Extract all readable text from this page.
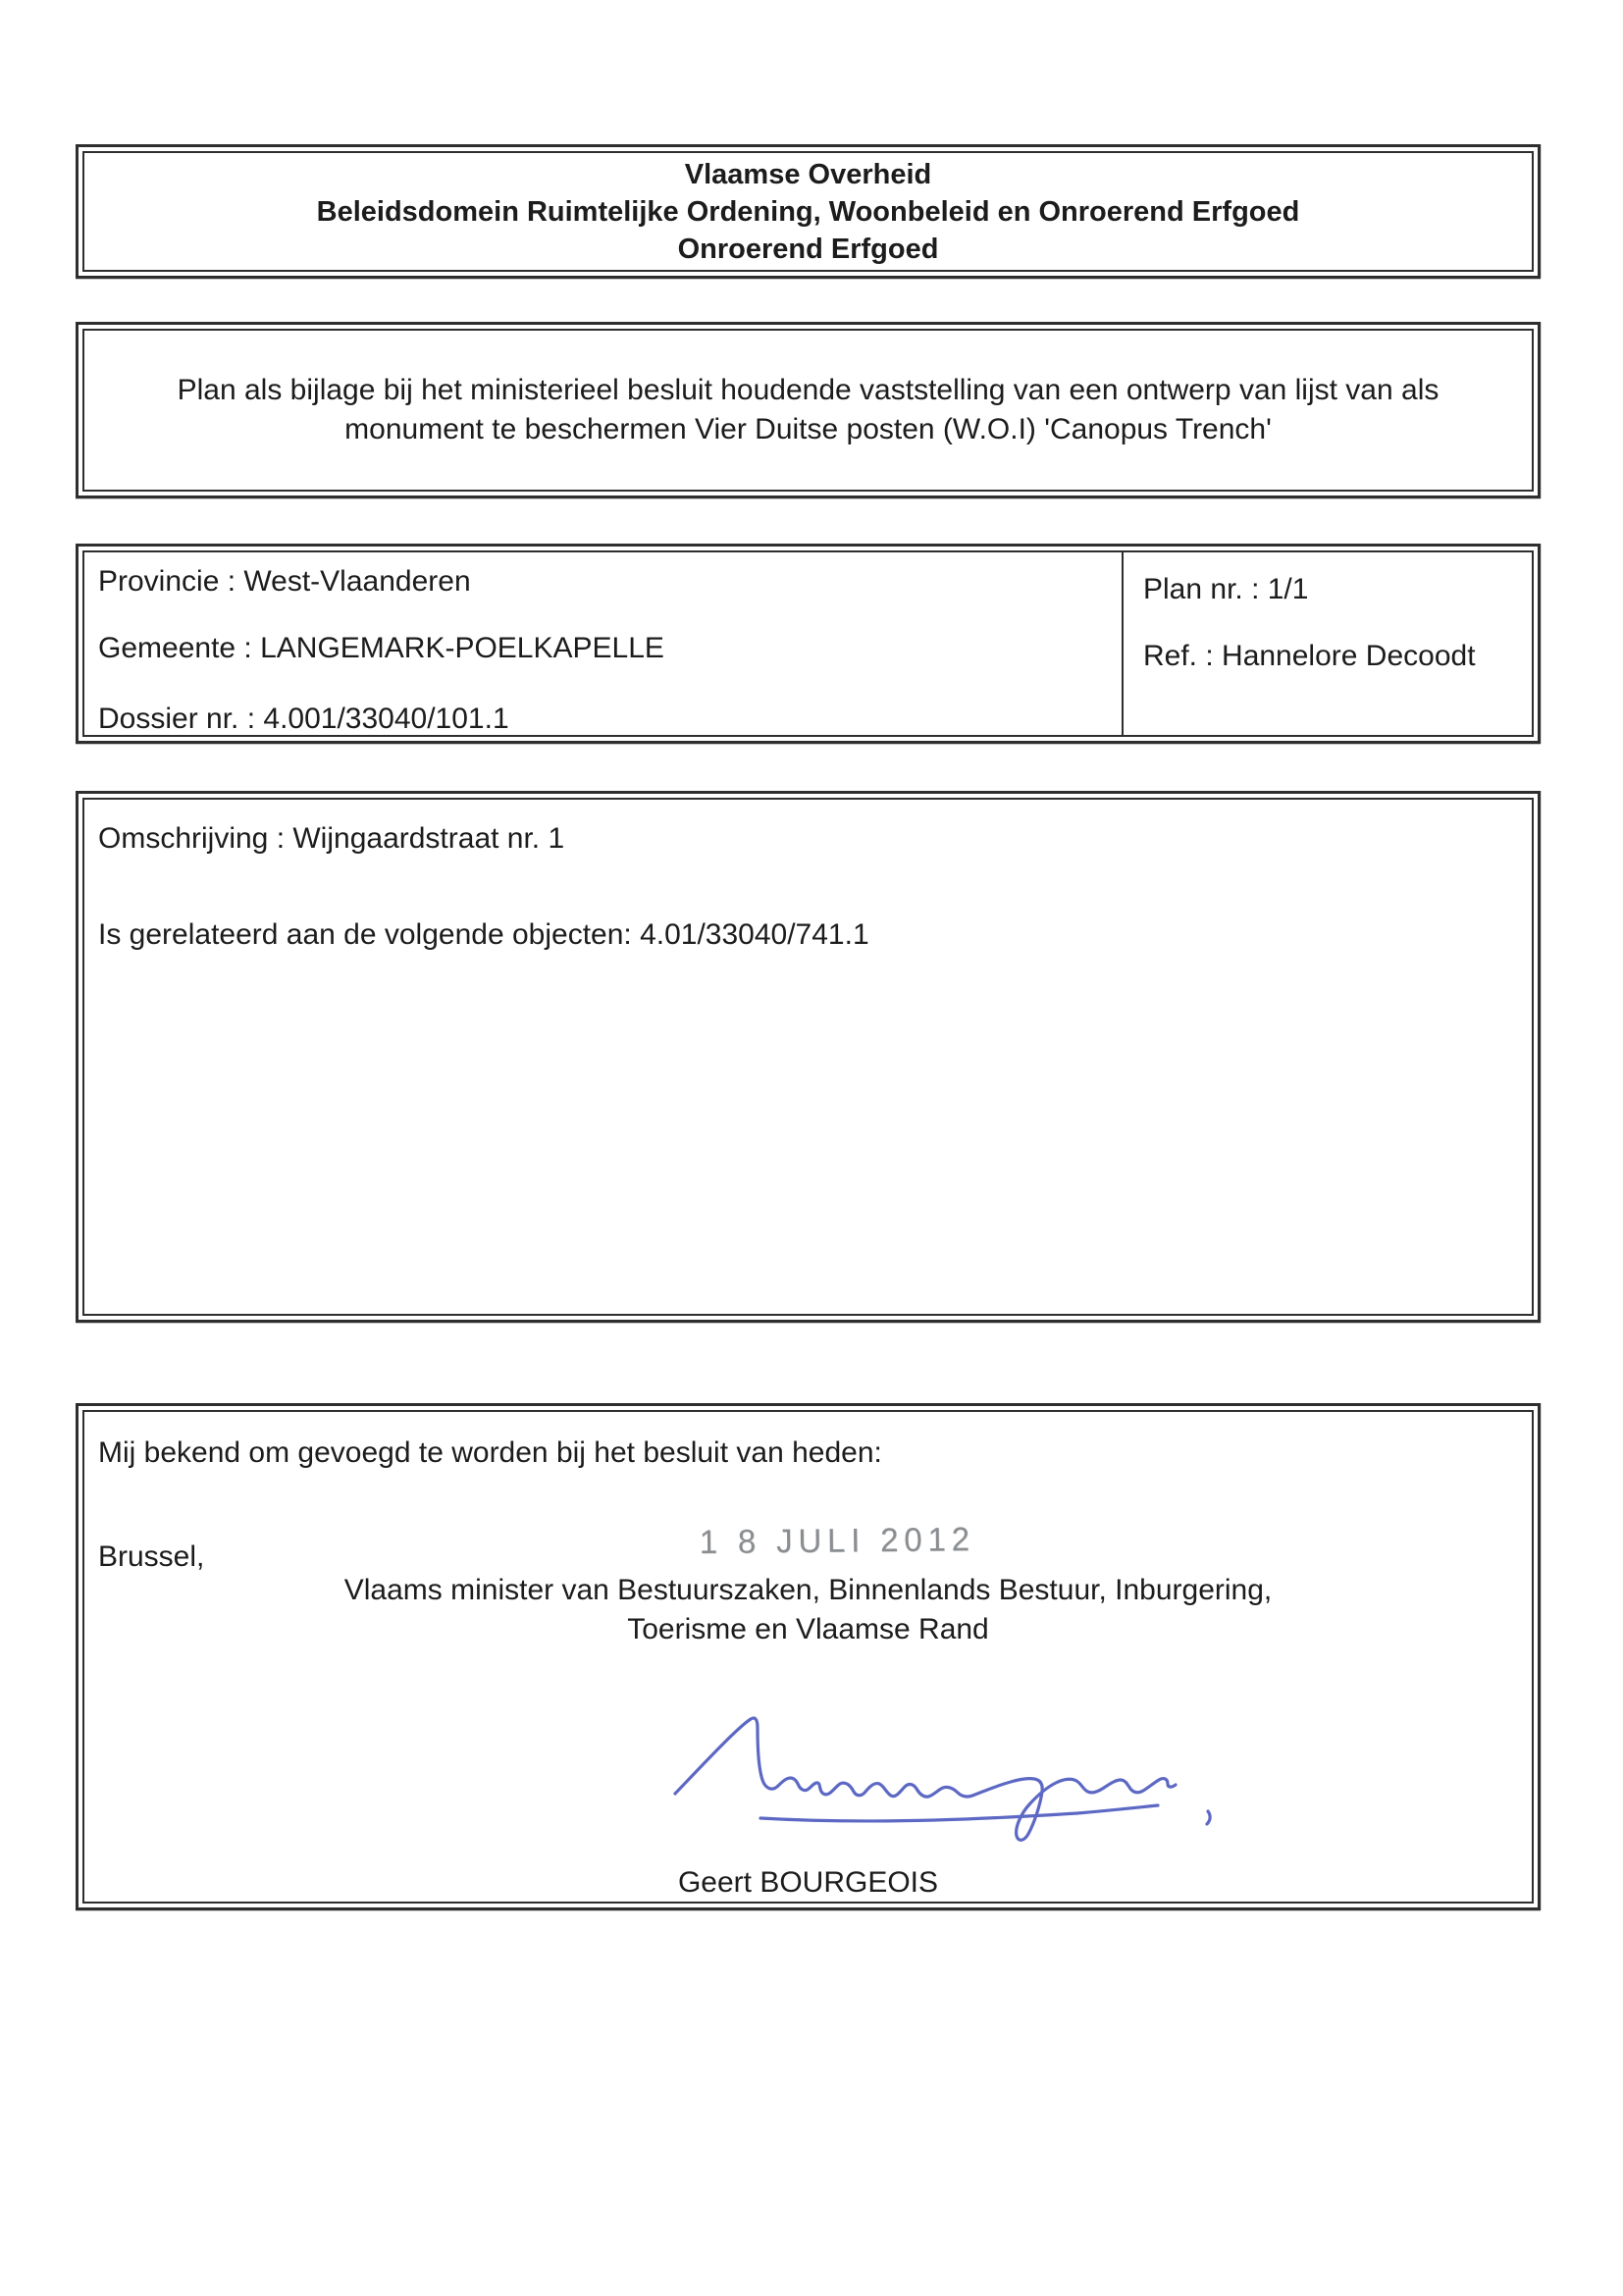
Vlaamse Overheid
Beleidsdomein Ruimtelijke Ordening, Woonbeleid en Onroerend Erfgoed
Onroerend Erfgoed
Plan als bijlage bij het ministerieel besluit houdende vaststelling van een ontwerp van lijst van als
monument te beschermen Vier Duitse posten (W.O.I) 'Canopus Trench'
Provincie : West-Vlaanderen
Gemeente : LANGEMARK-POELKAPELLE
Dossier nr. : 4.001/33040/101.1
Plan nr. : 1/1
Ref. : Hannelore Decoodt
Omschrijving : Wijngaardstraat nr. 1
Is gerelateerd aan de volgende objecten: 4.01/33040/741.1
Mij bekend om gevoegd te worden bij het besluit van heden:
Brussel,	1 8 JULI 2012
Vlaams minister van Bestuurszaken, Binnenlands Bestuur, Inburgering,
Toerisme en Vlaamse Rand
Geert BOURGEOIS
